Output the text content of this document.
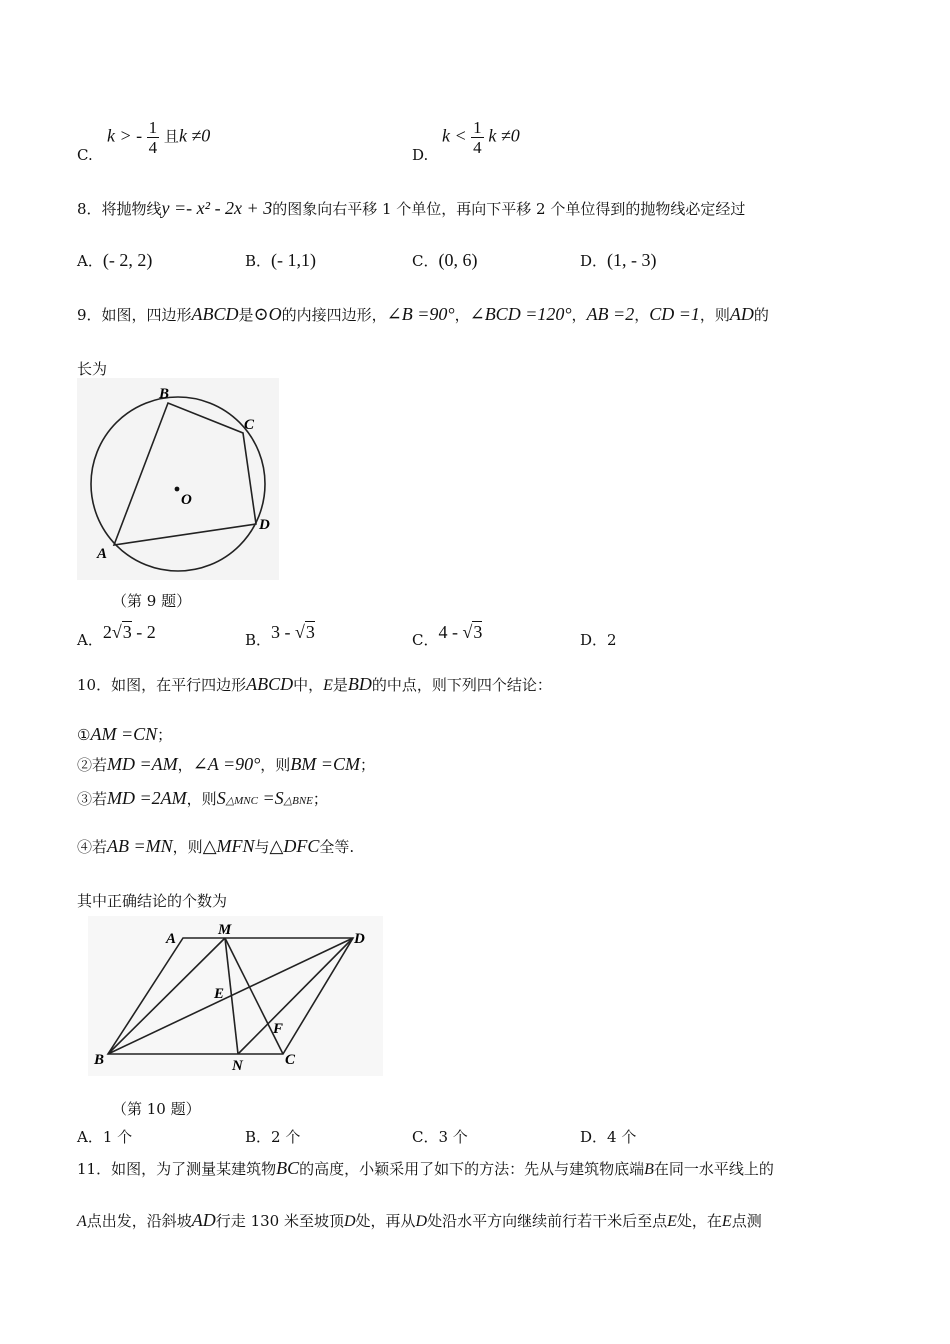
C.
k > - $\frac{1}{4}$ 且k ≠0
D.
$k < \frac{1}{4}$ k ≠0
8．将抛物线y =- x² - 2x + 3的图象向右平移 1 个单位，再向下平移 2 个单位得到的抛物线必定经过
A．(- 2, 2)	B．(- 1,1)	C．(0, 6)	D．(1, - 3)
9．如图，四边形ABCD是⊙O的内接四边形，∠B =90°，∠BCD =120°，AB =2，CD =1，则AD的
长为
B
C
O
D
A
（第 9 题）
A．2√3 - 2	B．3 - √3	C．4 - √3	D．2
10．如图，在平行四边形ABCD中，E是BD的中点，则下列四个结论：
①AM =CN；
②若MD =AM，∠A =90°，则BM =CM；
③若MD =2AM，则S△MNC =S△BNE；
④若AB =MN，则△MFN与△DFC全等.
其中正确结论的个数为
A
M
D
E
F
B	N	C
（第 10 题）
A．1 个	B．2 个	C．3 个	D．4 个
11．如图，为了测量某建筑物BC的高度，小颖采用了如下的方法：先从与建筑物底端B在同一水平线上的
A点出发，沿斜坡AD行走 130 米至坡顶D处，再从D处沿水平方向继续前行若干米后至点E处，在E点测
